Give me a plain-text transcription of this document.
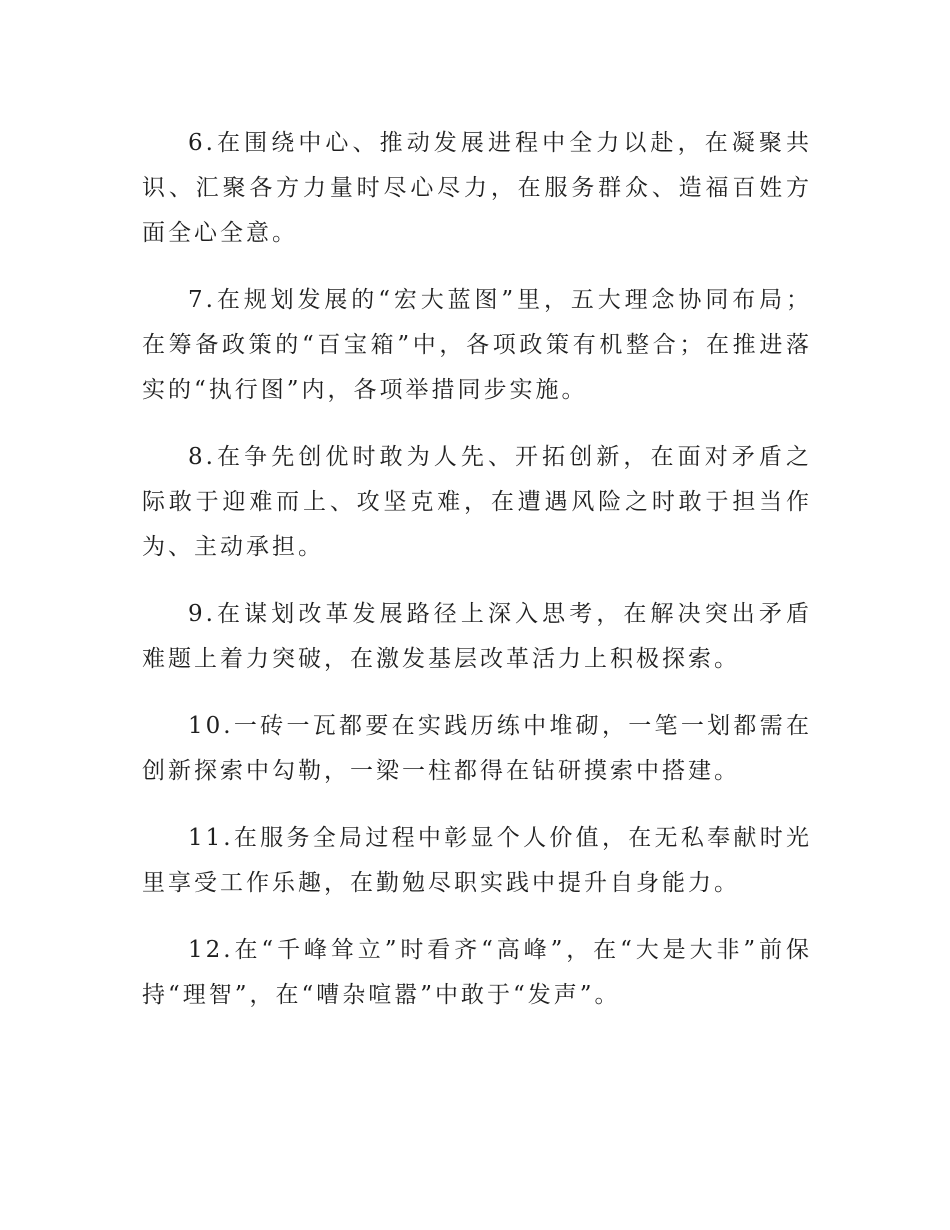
6.在围绕中心、推动发展进程中全力以赴，在凝聚共识、汇聚各方力量时尽心尽力，在服务群众、造福百姓方面全心全意。

7.在规划发展的“宏大蓝图”里，五大理念协同布局；在筹备政策的“百宝箱”中，各项政策有机整合；在推进落实的“执行图”内，各项举措同步实施。

8.在争先创优时敢为人先、开拓创新，在面对矛盾之际敢于迎难而上、攻坚克难，在遭遇风险之时敢于担当作为、主动承担。

9.在谋划改革发展路径上深入思考，在解决突出矛盾难题上着力突破，在激发基层改革活力上积极探索。

10.一砖一瓦都要在实践历练中堆砌，一笔一划都需在创新探索中勾勒，一梁一柱都得在钻研摸索中搭建。

11.在服务全局过程中彰显个人价值，在无私奉献时光里享受工作乐趣，在勤勉尽职实践中提升自身能力。

12.在“千峰耸立”时看齐“高峰”，在“大是大非”前保持“理智”，在“嘈杂喧嚣”中敢于“发声”。
